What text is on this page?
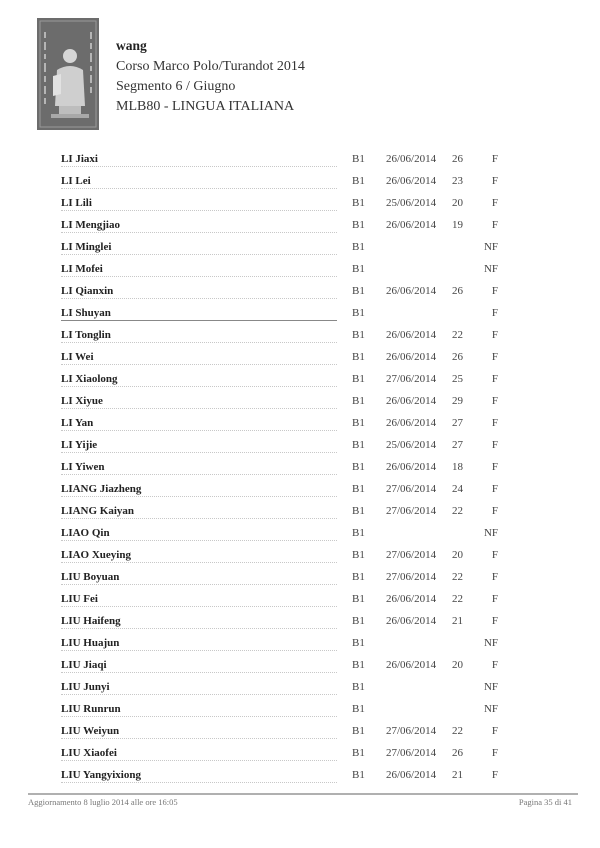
wang
Corso Marco Polo/Turandot 2014
Segmento 6 / Giugno
MLB80 - LINGUA ITALIANA
LI Jiaxi	B1 26/06/2014 26	F
LI Lei	B1 26/06/2014 23	F
LI Lili	B1 25/06/2014 20	F
LI Mengjiao	B1 26/06/2014 19	F
LI Minglei	B1	NF
LI Mofei	B1	NF
LI Qianxin	B1 26/06/2014 26	F
LI Shuyan	B1	F
LI Tonglin	B1 26/06/2014 22	F
LI Wei	B1 26/06/2014 26	F
LI Xiaolong	B1 27/06/2014 25	F
LI Xiyue	B1 26/06/2014 29	F
LI Yan	B1 26/06/2014 27	F
LI Yijie	B1 25/06/2014 27	F
LI Yiwen	B1 26/06/2014 18	F
LIANG Jiazheng	B1 27/06/2014 24	F
LIANG Kaiyan	B1 27/06/2014 22	F
LIAO Qin	B1	NF
LIAO Xueying	B1 27/06/2014 20	F
LIU Boyuan	B1 27/06/2014 22	F
LIU Fei	B1 26/06/2014 22	F
LIU Haifeng	B1 26/06/2014 21	F
LIU Huajun	B1	NF
LIU Jiaqi	B1 26/06/2014 20	F
LIU Junyi	B1	NF
LIU Runrun	B1	NF
LIU Weiyun	B1 27/06/2014 22	F
LIU Xiaofei	B1 27/06/2014 26	F
LIU Yangyixiong	B1 26/06/2014 21	F
Aggiornamento 8 luglio 2014 alle ore 16:05	Pagina 35 di 41
